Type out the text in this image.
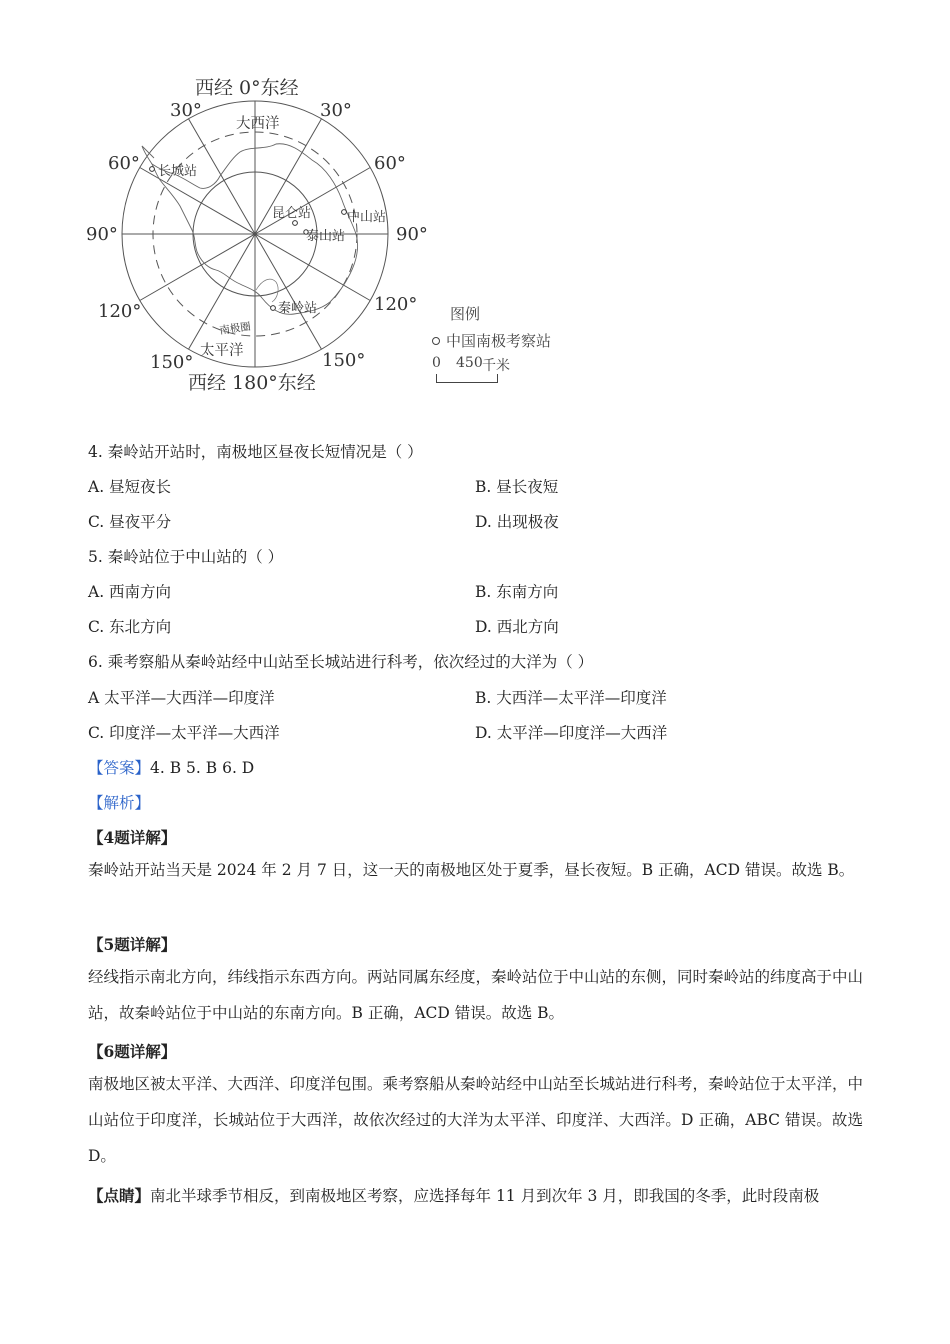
长城站
昆仑站	中山站
泰山站
秦岭站
大西洋
太平洋
南极圈
西经 0°东经
西经 180°东经
30°	30°
60°	60°
90°	90°
120°	120°
150°	150°
图例
中国南极考察站
0 450 千米
4. 秦岭站开站时，南极地区昼夜长短情况是（ ）
A. 昼短夜长	B. 昼长夜短
C. 昼夜平分	D. 出现极夜
5. 秦岭站位于中山站的（ ）
A. 西南方向	B. 东南方向
C. 东北方向	D. 西北方向
6. 乘考察船从秦岭站经中山站至长城站进行科考，依次经过的大洋为（ ）
A 太平洋—大西洋—印度洋	B. 大西洋—太平洋—印度洋
C. 印度洋—太平洋—大西洋	D. 太平洋—印度洋—大西洋
【答案】4. B 5. B 6. D
【解析】
【4题详解】
秦岭站开站当天是 2024 年 2 月 7 日，这一天的南极地区处于夏季，昼长夜短。B 正确，ACD 错误。故选 B。
【5题详解】
经线指示南北方向，纬线指示东西方向。两站同属东经度，秦岭站位于中山站的东侧，同时秦岭站的纬度高于中山站，故秦岭站位于中山站的东南方向。B 正确，ACD 错误。故选 B。
【6题详解】
南极地区被太平洋、大西洋、印度洋包围。乘考察船从秦岭站经中山站至长城站进行科考，秦岭站位于太平洋，中山站位于印度洋，长城站位于大西洋，故依次经过的大洋为太平洋、印度洋、大西洋。D 正确，ABC 错误。故选 D。
【点睛】南北半球季节相反，到南极地区考察，应选择每年 11 月到次年 3 月，即我国的冬季，此时段南极
